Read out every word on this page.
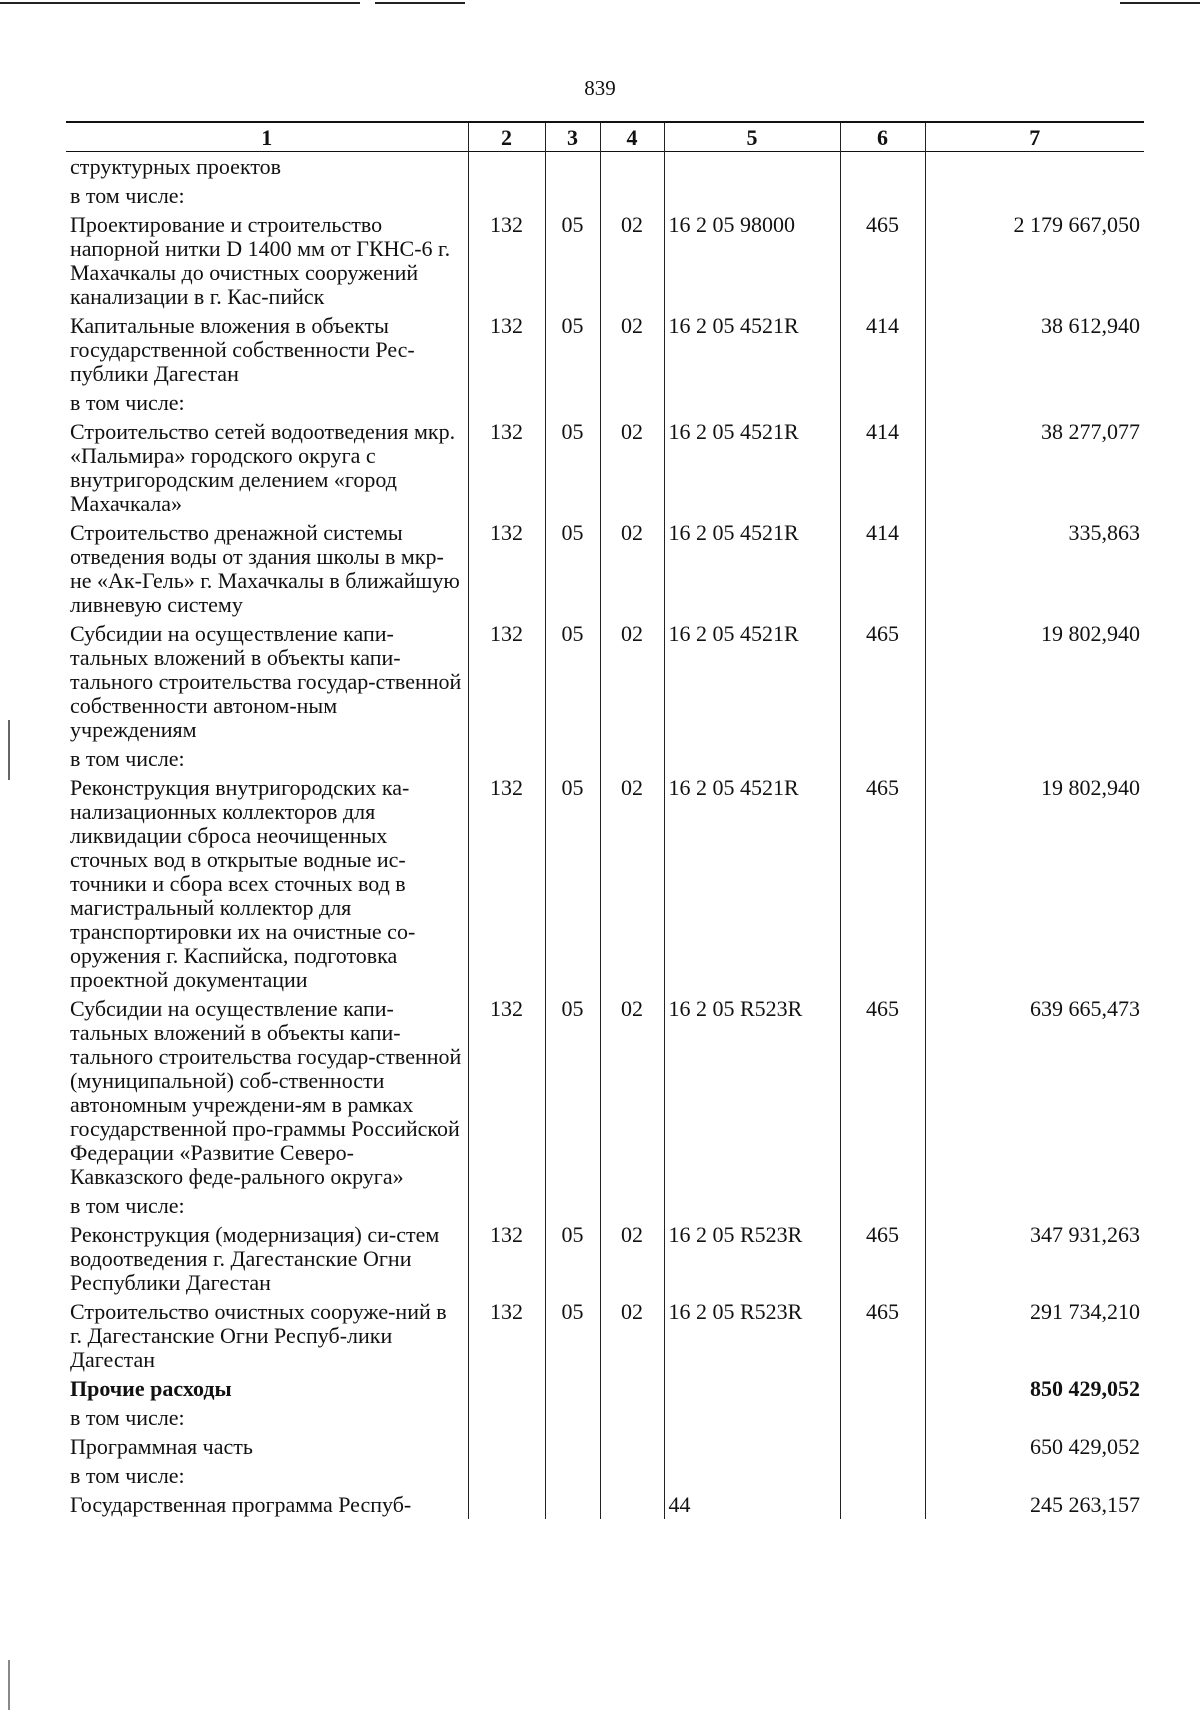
839
1	2	3	4	5	6	7
структурных проектов						
в том числе:						
Проектирование и строительство напорной нитки D 1400 мм от ГКНС-6 г. Махачкалы до очистных сооружений канализации в г. Кас-пийск	132	05	02	16 2 05 98000	465	2 179 667,050
Капитальные вложения в объекты государственной собственности Рес-публики Дагестан	132	05	02	16 2 05 4521R	414	38 612,940
в том числе:						
Строительство сетей водоотведения мкр. «Пальмира» городского округа с внутригородским делением «город Махачкала»	132	05	02	16 2 05 4521R	414	38 277,077
Строительство дренажной системы отведения воды от здания школы в мкр-не «Ак-Гель» г. Махачкалы в ближайшую ливневую систему	132	05	02	16 2 05 4521R	414	335,863
Субсидии на осуществление капи-тальных вложений в объекты капи-тального строительства государ-ственной собственности автоном-ным учреждениям	132	05	02	16 2 05 4521R	465	19 802,940
в том числе:						
Реконструкция внутригородских ка-нализационных коллекторов для ликвидации сброса неочищенных сточных вод в открытые водные ис-точники и сбора всех сточных вод в магистральный коллектор для транспортировки их на очистные со-оружения г. Каспийска, подготовка проектной документации	132	05	02	16 2 05 4521R	465	19 802,940
Субсидии на осуществление капи-тальных вложений в объекты капи-тального строительства государ-ственной (муниципальной) соб-ственности автономным учреждени-ям в рамках государственной про-граммы Российской Федерации «Развитие Северо-Кавказского феде-рального округа»	132	05	02	16 2 05 R523R	465	639 665,473
в том числе:						
Реконструкция (модернизация) си-стем водоотведения г. Дагестанские Огни Республики Дагестан	132	05	02	16 2 05 R523R	465	347 931,263
Строительство очистных сооруже-ний в г. Дагестанские Огни Респуб-лики Дагестан	132	05	02	16 2 05 R523R	465	291 734,210
Прочие расходы						850 429,052
в том числе:						
Программная часть						650 429,052
в том числе:						
Государственная программа Респуб-				44		245 263,157
